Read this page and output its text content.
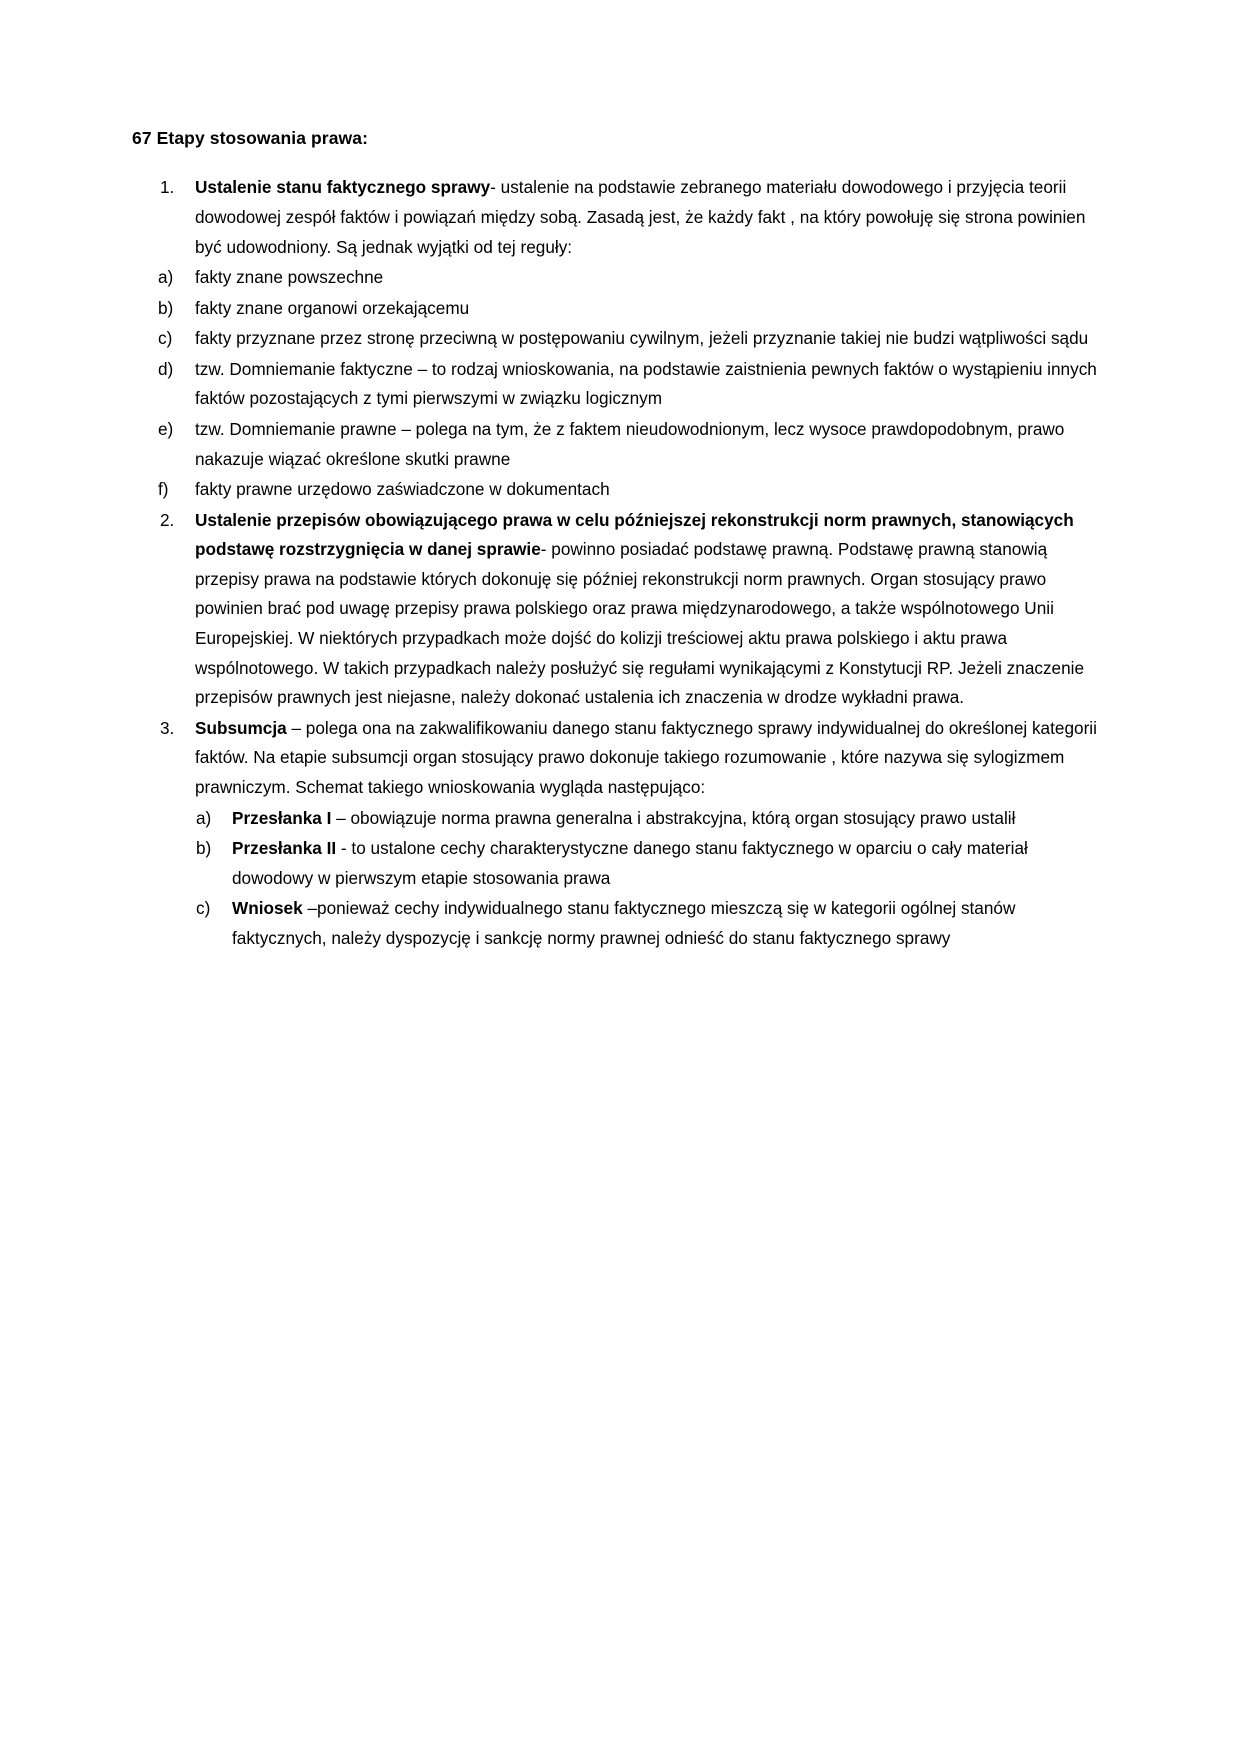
67 Etapy stosowania prawa:
1.	Ustalenie stanu faktycznego sprawy- ustalenie na podstawie zebranego materiału dowodowego i przyjęcia teorii dowodowej zespół faktów i powiązań między sobą. Zasadą jest, że każdy fakt , na który powołuję się strona powinien być udowodniony. Są jednak wyjątki od tej reguły:
a)	fakty znane powszechne
b)	fakty znane organowi orzekającemu
c)	fakty przyznane przez stronę przeciwną w postępowaniu cywilnym, jeżeli przyznanie takiej nie budzi wątpliwości sądu
d)	tzw. Domniemanie faktyczne – to rodzaj wnioskowania, na podstawie zaistnienia pewnych faktów o wystąpieniu innych faktów pozostających z tymi pierwszymi w związku logicznym
e)	tzw. Domniemanie prawne – polega na tym, że z faktem nieudowodnionym, lecz wysoce prawdopodobnym, prawo nakazuje wiązać określone skutki prawne
f)	fakty prawne urzędowo zaświadczone w dokumentach
2.	Ustalenie przepisów obowiązującego prawa w celu późniejszej rekonstrukcji norm prawnych, stanowiących podstawę rozstrzygnięcia w danej sprawie- powinno posiadać podstawę prawną. Podstawę prawną stanowią przepisy prawa na podstawie których dokonuję się później rekonstrukcji norm prawnych. Organ stosujący prawo powinien brać pod uwagę przepisy prawa polskiego oraz prawa międzynarodowego, a także wspólnotowego Unii Europejskiej. W niektórych przypadkach może dojść do kolizji treściowej aktu prawa polskiego i aktu prawa wspólnotowego. W takich przypadkach należy posłużyć się regułami wynikającymi z Konstytucji RP. Jeżeli znaczenie przepisów prawnych jest niejasne, należy dokonać ustalenia ich znaczenia w drodze wykładni prawa.
3.	Subsumcja – polega ona na zakwalifikowaniu danego stanu faktycznego sprawy indywidualnej do określonej kategorii faktów. Na etapie subsumcji organ stosujący prawo dokonuje takiego rozumowanie , które nazywa się sylogizmem prawniczym. Schemat takiego wnioskowania wygląda następująco:
a)	Przesłanka I – obowiązuje norma prawna generalna i abstrakcyjna, którą organ stosujący prawo ustalił
b)	Przesłanka II - to ustalone cechy charakterystyczne danego stanu faktycznego w oparciu o cały materiał dowodowy w pierwszym etapie stosowania prawa
c)	Wniosek –ponieważ cechy indywidualnego stanu faktycznego mieszczą się w kategorii ogólnej stanów faktycznych, należy dyspozycję i sankcję normy prawnej odnieść do stanu faktycznego sprawy
